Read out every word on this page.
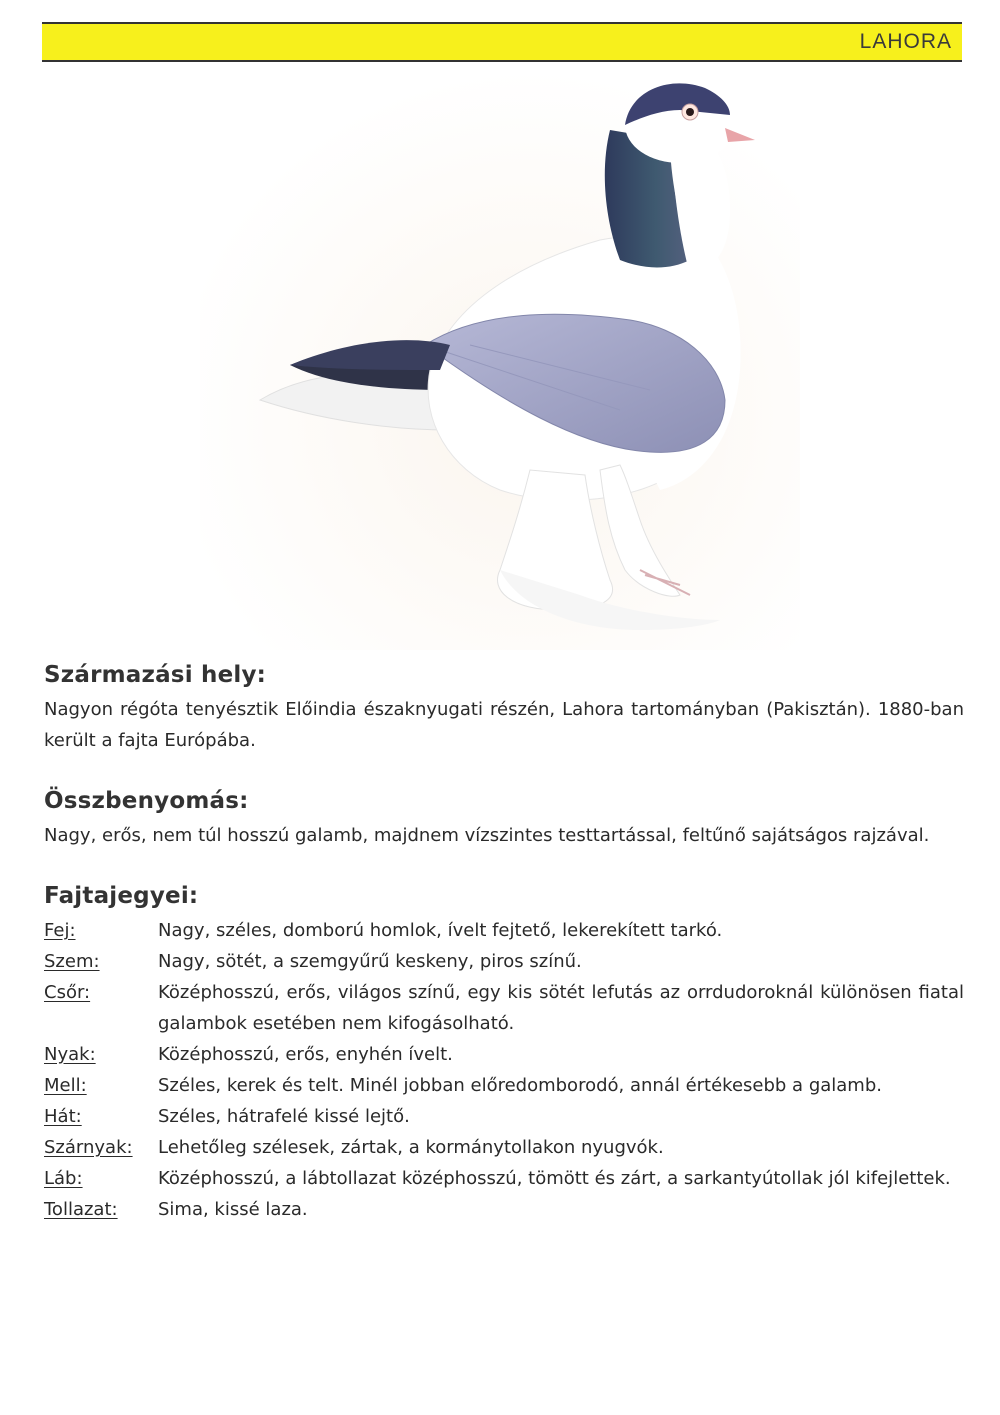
LAHORA
Származási hely:

Nagyon régóta tenyésztik Előindia északnyugati részén, Lahora tartományban (Pakisztán). 1880-ban került a fajta Európába.

Összbenyomás:

Nagy, erős, nem túl hosszú galamb, majdnem vízszintes testtartással, feltűnő sajátságos rajzával.

Fajtajegyei:
Fej:	Nagy, széles, domború homlok, ívelt fejtető, lekerekített tarkó.
Szem:	Nagy, sötét, a szemgyűrű keskeny, piros színű.
Csőr:	Középhosszú, erős, világos színű, egy kis sötét lefutás az orrdudoroknál különösen fiatal galambok esetében nem kifogásolható.
Nyak:	Középhosszú, erős, enyhén ívelt.
Mell:	Széles, kerek és telt. Minél jobban előredomborodó, annál értékesebb a galamb.
Hát:	Széles, hátrafelé kissé lejtő.
Szárnyak:	Lehetőleg szélesek, zártak, a kormánytollakon nyugvók.
Láb:	Középhosszú, a lábtollazat középhosszú, tömött és zárt, a sarkantyútollak jól kifejlettek.
Tollazat:	Sima, kissé laza.
